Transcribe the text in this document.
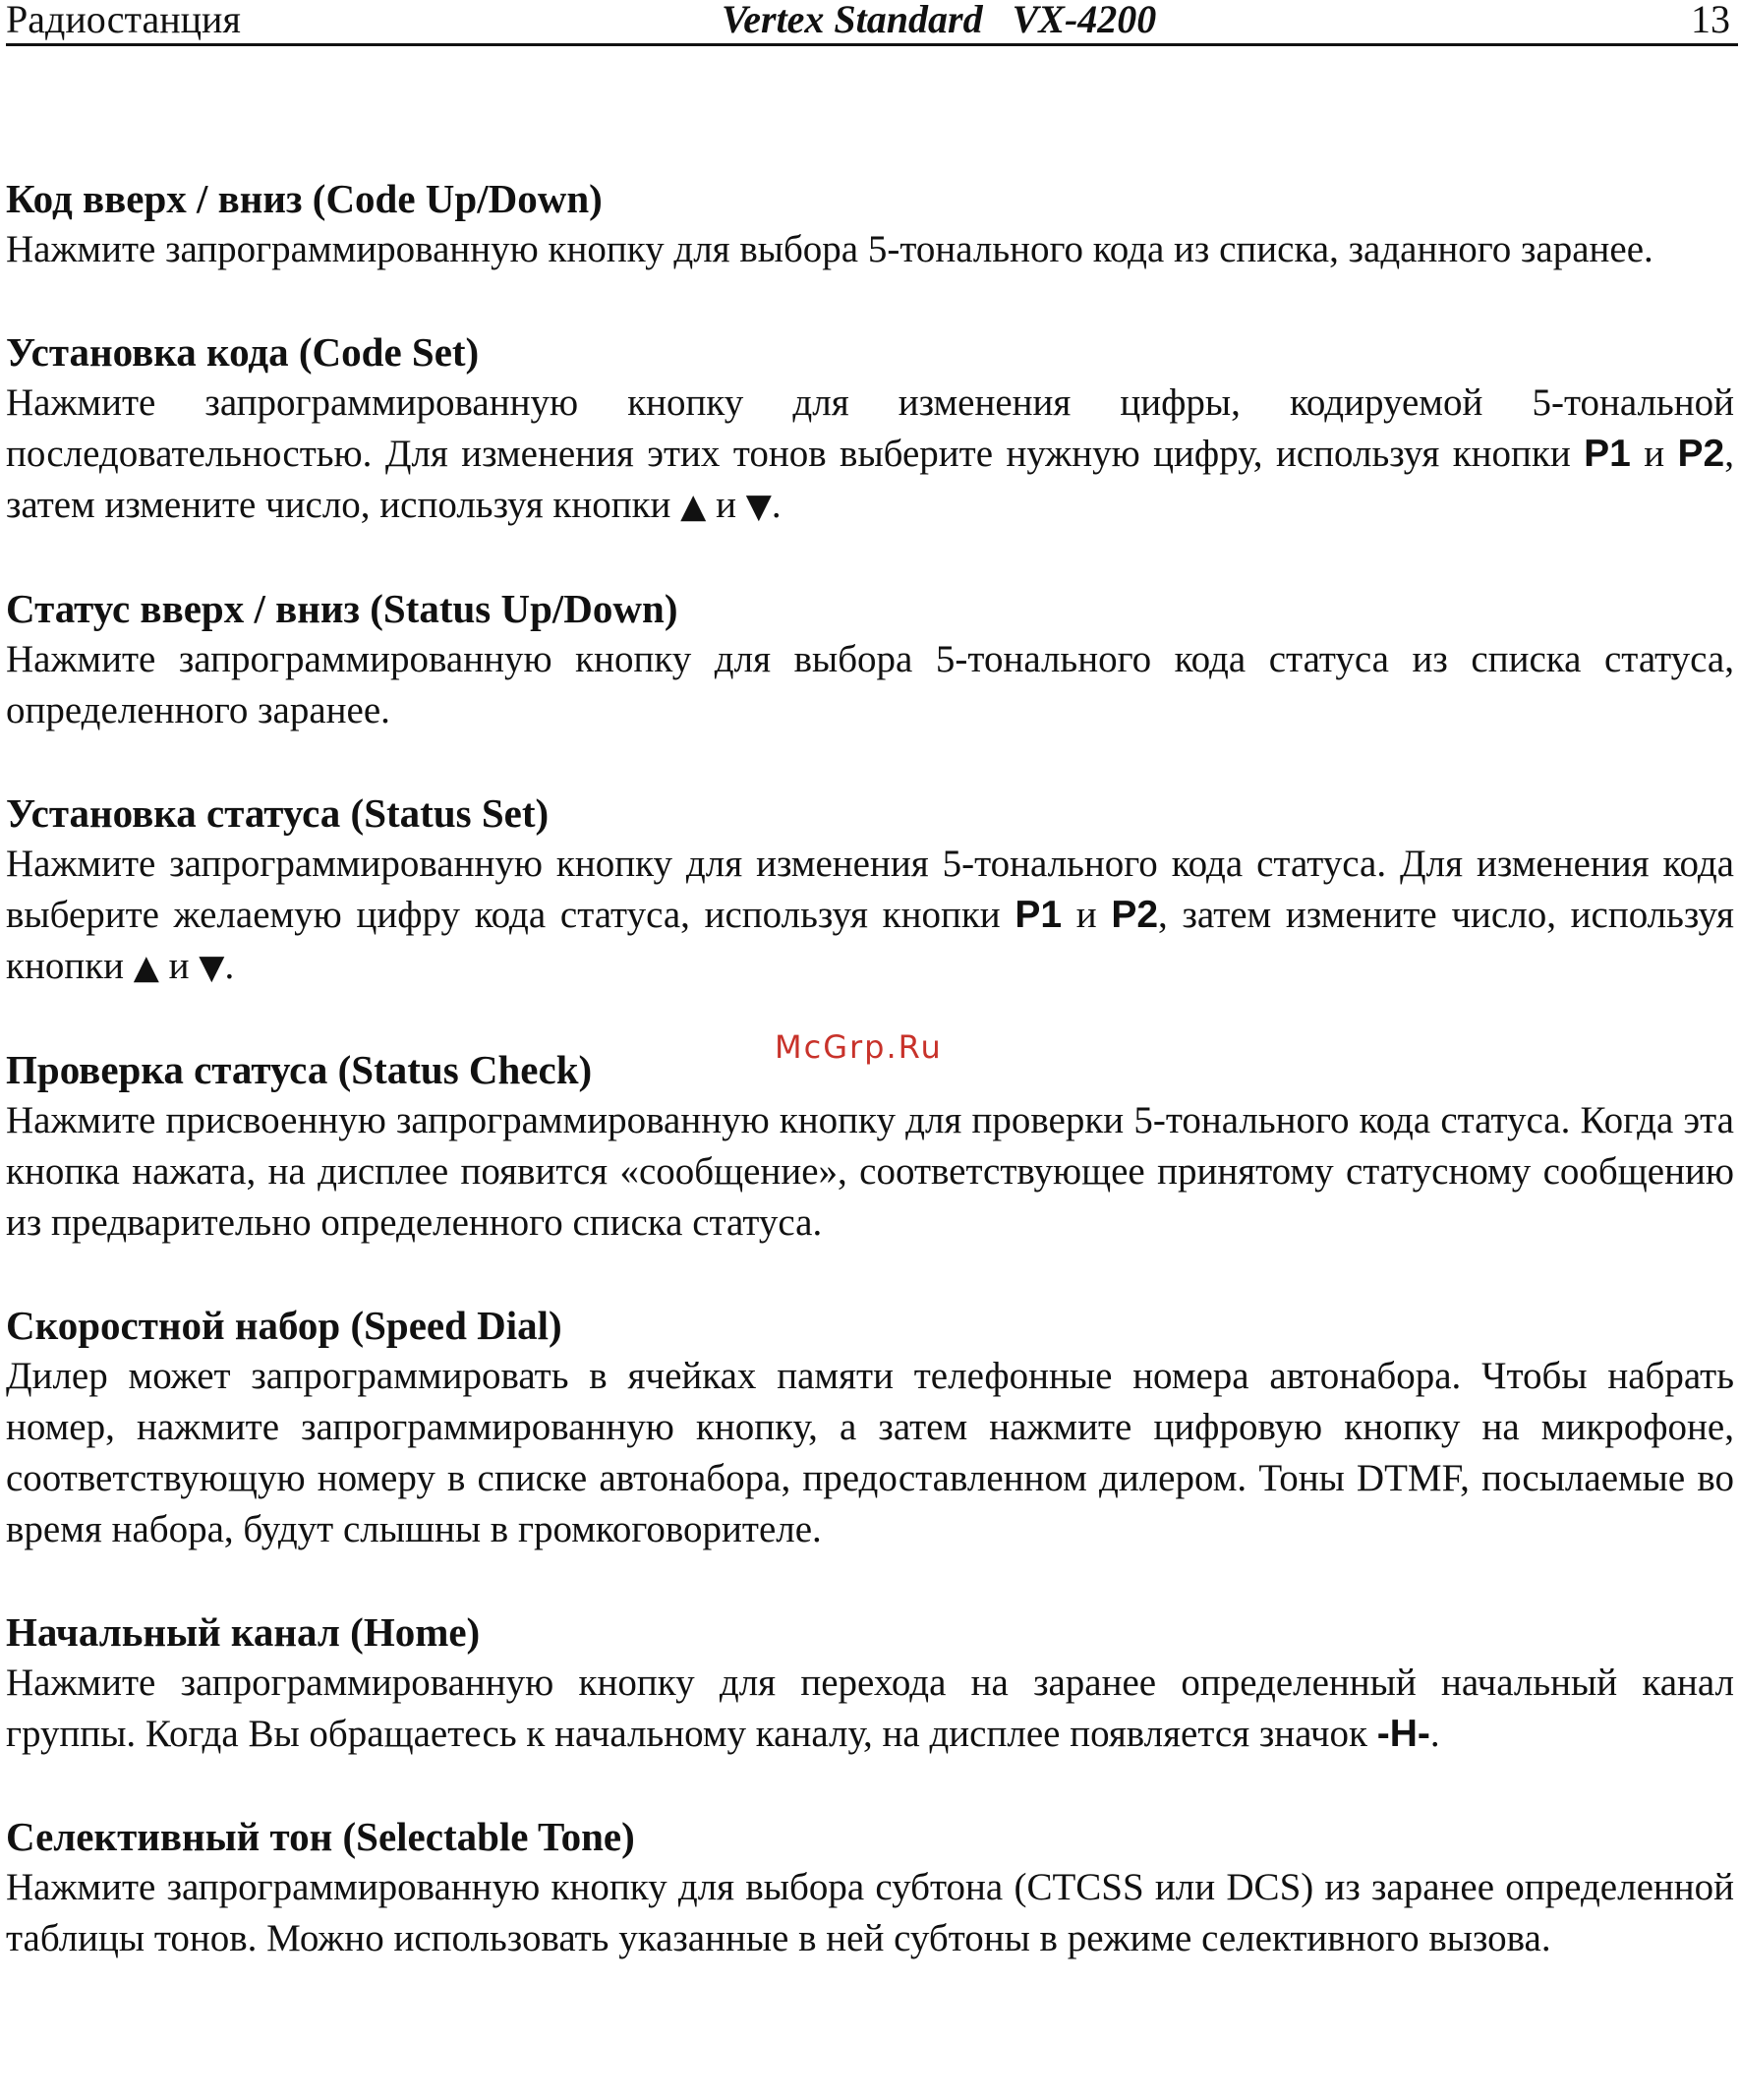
Радиостанция	Vertex Standard   VX-4200	13

Код вверх / вниз (Code Up/Down)

Нажмите запрограммированную кнопку для выбора 5-тонального кода из списка, заданного заранее.

Установка кода (Code Set)

Нажмите запрограммированную кнопку для изменения цифры, кодируемой 5-тональной последовательностью. Для изменения этих тонов выберите нужную цифру, используя кнопки P1 и P2, затем измените число, используя кнопки ▲ и ▼.

Статус вверх / вниз (Status Up/Down)

Нажмите запрограммированную кнопку для выбора 5-тонального кода статуса из списка статуса, определенного заранее.

Установка статуса (Status Set)

Нажмите запрограммированную кнопку для изменения 5-тонального кода статуса. Для изменения кода выберите желаемую цифру кода статуса, используя кнопки P1 и P2, затем измените число, используя кнопки ▲ и ▼.

Проверка статуса (Status Check)

Нажмите присвоенную запрограммированную кнопку для проверки 5-тонального кода статуса. Когда эта кнопка нажата, на дисплее появится «сообщение», соответствующее принятому статусному сообщению из предварительно определенного списка статуса.

Скоростной набор (Speed Dial)

Дилер может запрограммировать в ячейках памяти телефонные номера автонабора. Чтобы набрать номер, нажмите запрограммированную кнопку, а затем нажмите цифровую кнопку на микрофоне, соответствующую номеру в списке автонабора, предоставленном дилером. Тоны DTMF, посылаемые во время набора, будут слышны в громкоговорителе.

Начальный канал (Home)

Нажмите запрограммированную кнопку для перехода на заранее определенный начальный канал группы. Когда Вы обращаетесь к начальному каналу, на дисплее появляется значок -H-.

Селективный тон (Selectable Tone)

Нажмите запрограммированную кнопку для выбора субтона (CTCSS или DCS) из заранее определенной таблицы тонов. Можно использовать указанные в ней субтоны в режиме селективного вызова.

McGrp.Ru
